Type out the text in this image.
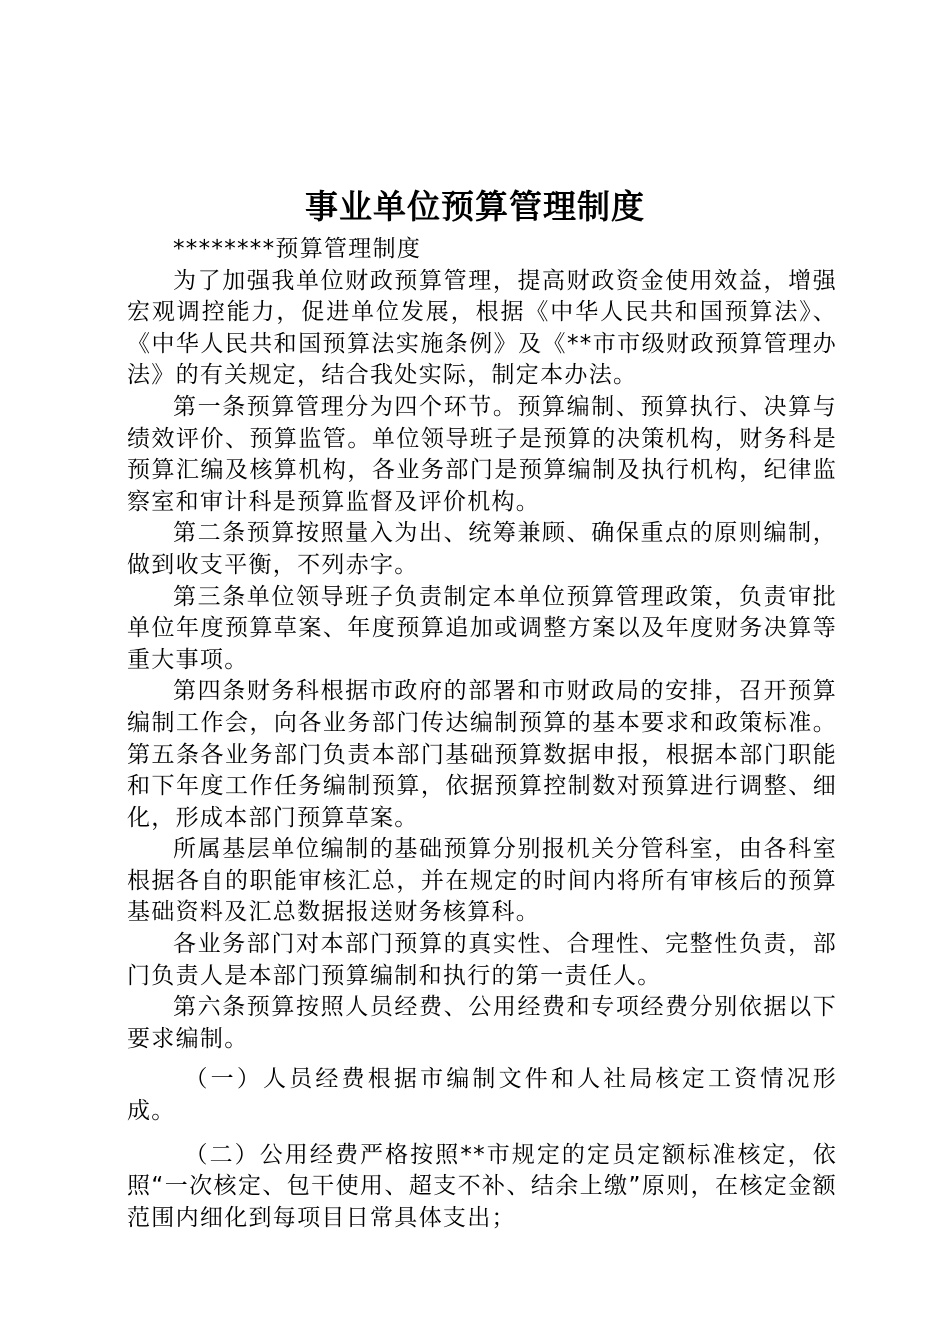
事业单位预算管理制度

********预算管理制度

为了加强我单位财政预算管理，提高财政资金使用效益，增强宏观调控能力，促进单位发展，根据《中华人民共和国预算法》、《中华人民共和国预算法实施条例》及《**市市级财政预算管理办法》的有关规定，结合我处实际，制定本办法。

第一条预算管理分为四个环节。预算编制、预算执行、决算与绩效评价、预算监管。单位领导班子是预算的决策机构，财务科是预算汇编及核算机构，各业务部门是预算编制及执行机构，纪律监察室和审计科是预算监督及评价机构。

第二条预算按照量入为出、统筹兼顾、确保重点的原则编制，做到收支平衡，不列赤字。

第三条单位领导班子负责制定本单位预算管理政策，负责审批单位年度预算草案、年度预算追加或调整方案以及年度财务决算等重大事项。

第四条财务科根据市政府的部署和市财政局的安排，召开预算编制工作会，向各业务部门传达编制预算的基本要求和政策标准。第五条各业务部门负责本部门基础预算数据申报，根据本部门职能和下年度工作任务编制预算，依据预算控制数对预算进行调整、细化，形成本部门预算草案。

所属基层单位编制的基础预算分别报机关分管科室，由各科室根据各自的职能审核汇总，并在规定的时间内将所有审核后的预算基础资料及汇总数据报送财务核算科。

各业务部门对本部门预算的真实性、合理性、完整性负责，部门负责人是本部门预算编制和执行的第一责任人。

第六条预算按照人员经费、公用经费和专项经费分别依据以下要求编制。

（一）人员经费根据市编制文件和人社局核定工资情况形成。

（二）公用经费严格按照**市规定的定员定额标准核定，依照“一次核定、包干使用、超支不补、结余上缴”原则，在核定金额范围内细化到每项目日常具体支出；
